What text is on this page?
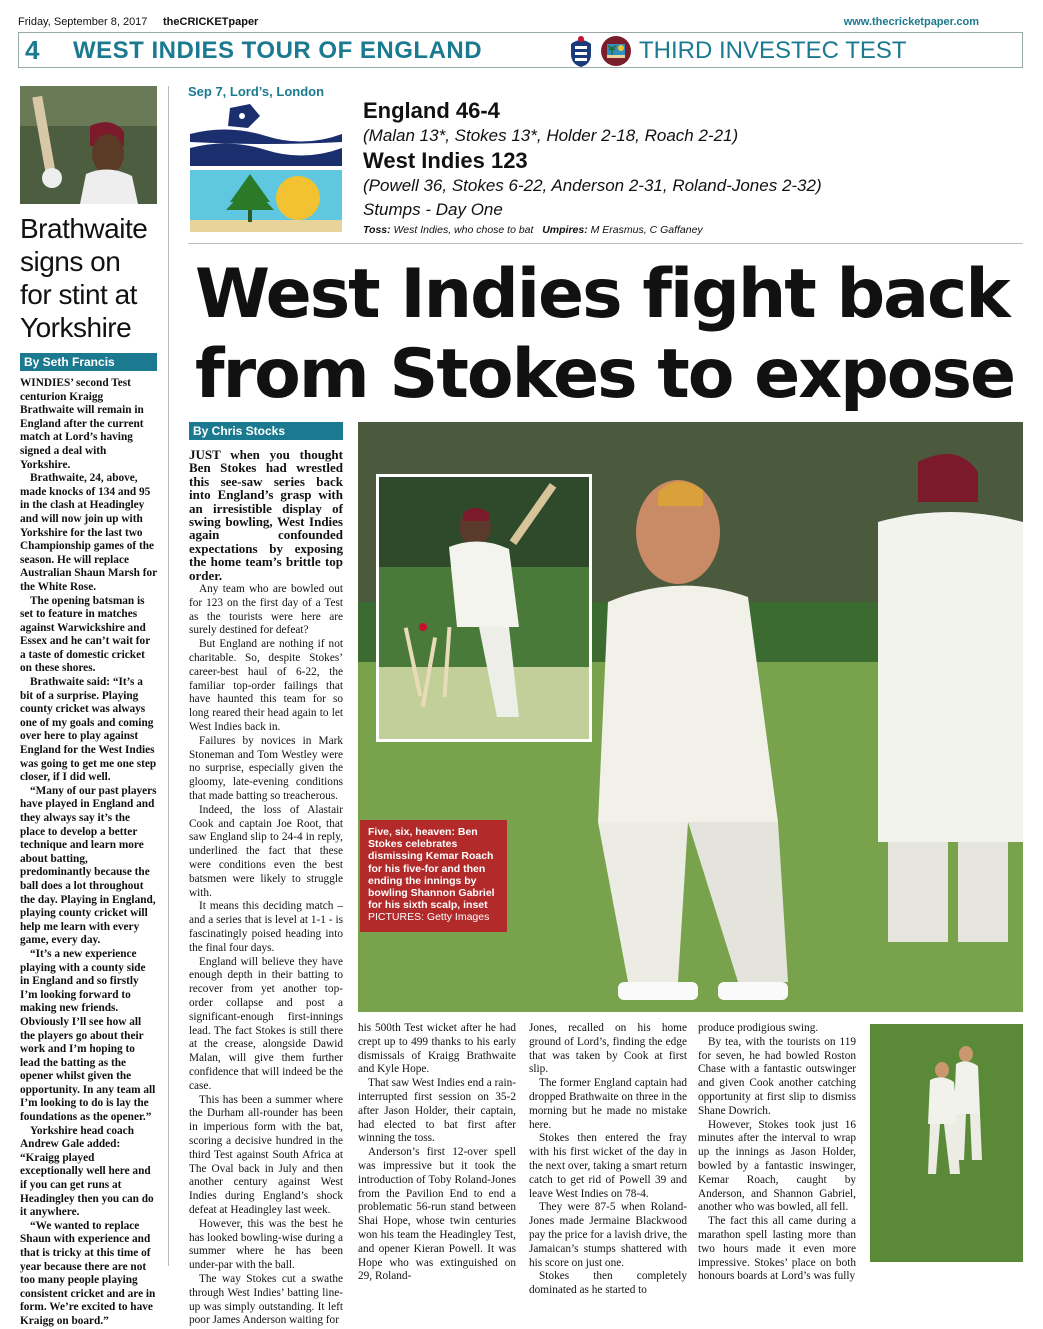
Friday, September 8, 2017 theCRICKETpaper	www.thecricketpaper.com
4 WEST INDIES TOUR OF ENGLAND	THIRD INVESTEC TEST
Brathwaite signs on for stint at Yorkshire
By Seth Francis

WINDIES’ second Test centurion Kraigg Brathwaite will remain in England after the current match at Lord’s having signed a deal with Yorkshire.

Brathwaite, 24, above, made knocks of 134 and 95 in the clash at Headingley and will now join up with Yorkshire for the last two Championship games of the season. He will replace Australian Shaun Marsh for the White Rose.

The opening batsman is set to feature in matches against Warwickshire and Essex and he can’t wait for a taste of domestic cricket on these shores.

Brathwaite said: “It’s a bit of a surprise. Playing county cricket was always one of my goals and coming over here to play against England for the West Indies was going to get me one step closer, if I did well.

“Many of our past players have played in England and they always say it’s the place to develop a better technique and learn more about batting, predominantly because the ball does a lot throughout the day. Playing in England, playing county cricket will help me learn with every game, every day.

“It’s a new experience playing with a county side in England and so firstly I’m looking forward to making new friends. Obviously I’ll see how all the players go about their work and I’m hoping to lead the batting as the opener whilst given the opportunity. In any team all I’m looking to do is lay the foundations as the opener.”

Yorkshire head coach Andrew Gale added: “Kraigg played exceptionally well here and if you can get runs at Headingley then you can do it anywhere.

“We wanted to replace Shaun with experience and that is tricky at this time of year because there are not too many people playing consistent cricket and are in form. We’re excited to have Kraigg on board.”

Sep 7, Lord’s, London
England 46-4
(Malan 13*, Stokes 13*, Holder 2-18, Roach 2-21)
West Indies 123
(Powell 36, Stokes 6-22, Anderson 2-31, Roland-Jones 2-32)
Stumps - Day One
Toss: West Indies, who chose to bat Umpires: M Erasmus, C Gaffaney
West Indies fight back
from Stokes to expose
By Chris Stocks
JUST when you thought Ben Stokes had wrestled this see-saw series back into England’s grasp with an irresistible display of swing bowling, West Indies again confounded expectations by exposing the home team’s brittle top order.

Any team who are bowled out for 123 on the first day of a Test as the tourists were here are surely destined for defeat?

But England are nothing if not charitable. So, despite Stokes’ career-best haul of 6-22, the familiar top-order failings that have haunted this team for so long reared their head again to let West Indies back in.

Failures by novices in Mark Stoneman and Tom Westley were no surprise, especially given the gloomy, late-evening conditions that made batting so treacherous.

Indeed, the loss of Alastair Cook and captain Joe Root, that saw England slip to 24-4 in reply, underlined the fact that these were conditions even the best batsmen were likely to struggle with.

It means this deciding match – and a series that is level at 1-1 - is fascinatingly poised heading into the final four days.

England will believe they have enough depth in their batting to recover from yet another top-order collapse and post a significant-enough first-innings lead. The fact Stokes is still there at the crease, alongside Dawid Malan, will give them further confidence that will indeed be the case.

This has been a summer where the Durham all-rounder has been in imperious form with the bat, scoring a decisive hundred in the third Test against South Africa at The Oval back in July and then another century against West Indies during England’s shock defeat at Headingley last week.

However, this was the best he has looked bowling-wise during a summer where he has been under-par with the ball.

The way Stokes cut a swathe through West Indies’ batting line-up was simply outstanding. It left poor James Anderson waiting for

Five, six, heaven: Ben Stokes celebrates dismissing Kemar Roach for his five-for and then ending the innings by bowling Shannon Gabriel for his sixth scalp, inset
PICTURES: Getty Images

his 500th Test wicket after he had crept up to 499 thanks to his early dismissals of Kraigg Brathwaite and Kyle Hope.

That saw West Indies end a rain-interrupted first session on 35-2 after Jason Holder, their captain, had elected to bat first after winning the toss.

Anderson’s first 12-over spell was impressive but it took the introduction of Toby Roland-Jones from the Pavilion End to end a problematic 56-run stand between Shai Hope, whose twin centuries won his team the Headingley Test, and opener Kieran Powell. It was Hope who was extinguished on 29, Roland-

Jones, recalled on his home ground of Lord’s, finding the edge that was taken by Cook at first slip.

The former England captain had dropped Brathwaite on three in the morning but he made no mistake here.

Stokes then entered the fray with his first wicket of the day in the next over, taking a smart return catch to get rid of Powell 39 and leave West Indies on 78-4.

They were 87-5 when Roland-Jones made Jermaine Blackwood pay the price for a lavish drive, the Jamaican’s stumps shattered with his score on just one.

Stokes then completely dominated as he started to

produce prodigious swing.

By tea, with the tourists on 119 for seven, he had bowled Roston Chase with a fantastic outswinger and given Cook another catching opportunity at first slip to dismiss Shane Dowrich.

However, Stokes took just 16 minutes after the interval to wrap up the innings as Jason Holder, bowled by a fantastic inswinger, Kemar Roach, caught by Anderson, and Shannon Gabriel, another who was bowled, all fell.

The fact this all came during a marathon spell lasting more than two hours made it even more impressive. Stokes’ place on both honours boards at Lord’s was fully
